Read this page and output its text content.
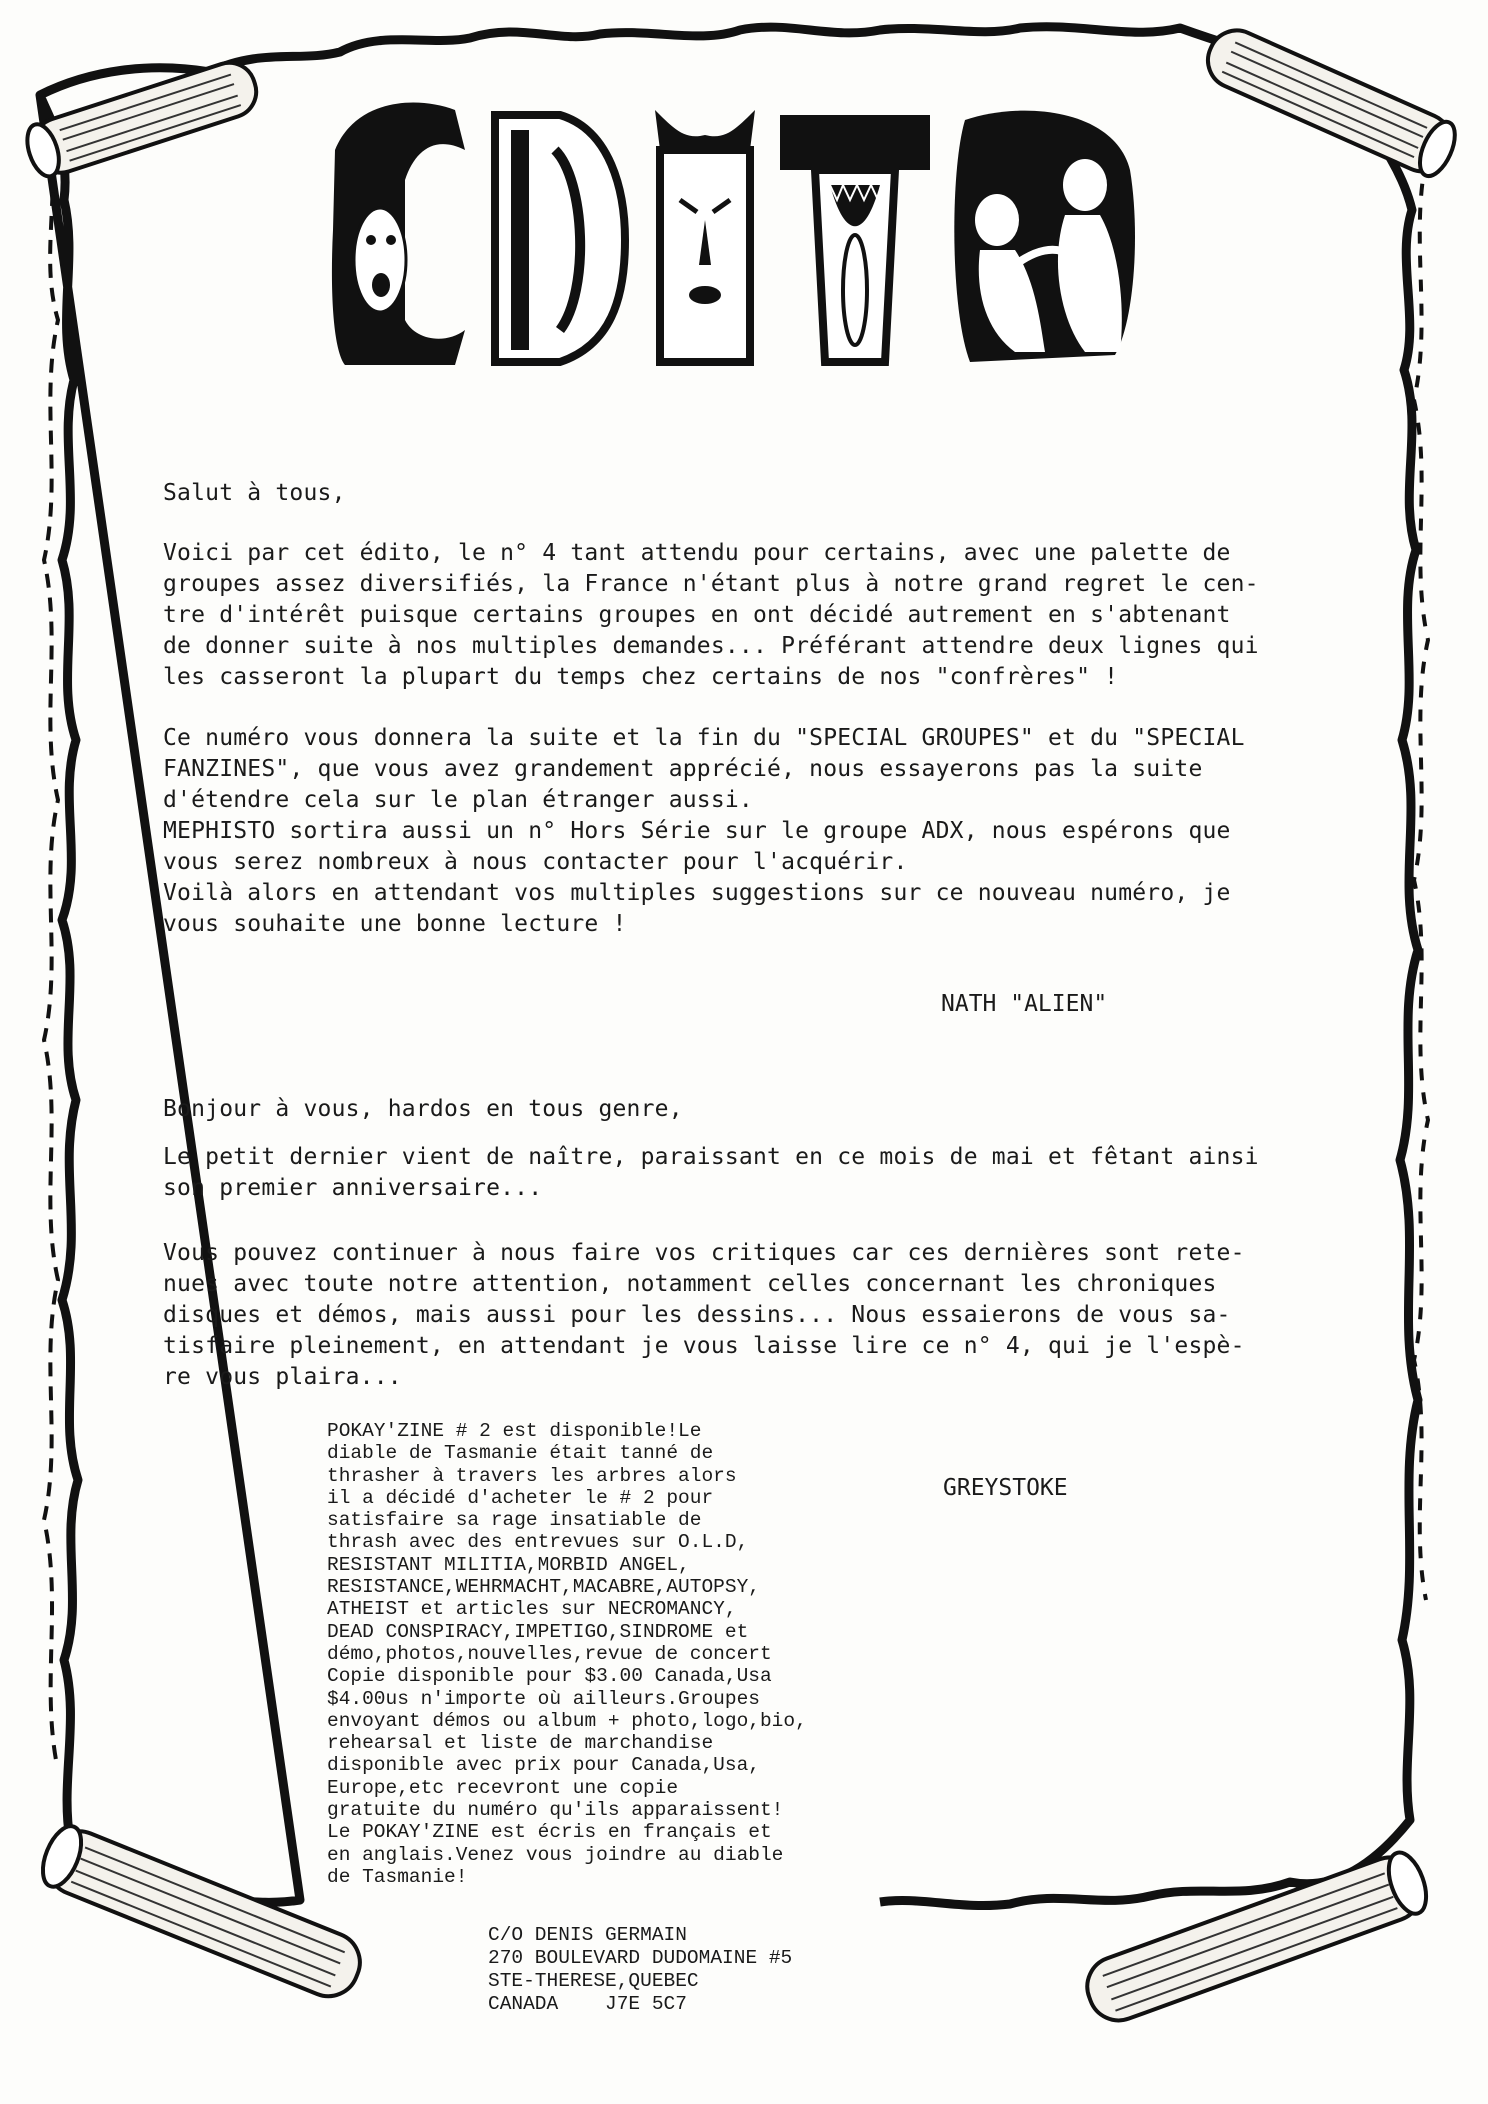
Salut à tous,
Voici par cet édito, le n° 4 tant attendu pour certains, avec une palette de
groupes assez diversifiés, la France n'étant plus à notre grand regret le cen-
tre d'intérêt puisque certains groupes en ont décidé autrement en s'abtenant
de donner suite à nos multiples demandes... Préférant attendre deux lignes qui
les casseront la plupart du temps chez certains de nos "confrères" !
Ce numéro vous donnera la suite et la fin du "SPECIAL GROUPES" et du "SPECIAL
FANZINES", que vous avez grandement apprécié, nous essayerons pas la suite
d'étendre cela sur le plan étranger aussi.
MEPHISTO sortira aussi un n° Hors Série sur le groupe ADX, nous espérons que
vous serez nombreux à nous contacter pour l'acquérir.
Voilà alors en attendant vos multiples suggestions sur ce nouveau numéro, je
vous souhaite une bonne lecture !
NATH "ALIEN"
Bonjour à vous, hardos en tous genre,
Le petit dernier vient de naître, paraissant en ce mois de mai et fêtant ainsi
son premier anniversaire...
Vous pouvez continuer à nous faire vos critiques car ces dernières sont rete-
nues avec toute notre attention, notamment celles concernant les chroniques
disques et démos, mais aussi pour les dessins... Nous essaierons de vous sa-
tisfaire pleinement, en attendant je vous laisse lire ce n° 4, qui je l'espè-
re vous plaira...
GREYSTOKE
POKAY'ZINE # 2 est disponible!Le
diable de Tasmanie était tanné de
thrasher à travers les arbres alors
il a décidé d'acheter le # 2 pour
satisfaire sa rage insatiable de
thrash avec des entrevues sur O.L.D,
RESISTANT MILITIA,MORBID ANGEL,
RESISTANCE,WEHRMACHT,MACABRE,AUTOPSY,
ATHEIST et articles sur NECROMANCY,
DEAD CONSPIRACY,IMPETIGO,SINDROME et
démo,photos,nouvelles,revue de concert
Copie disponible pour $3.00 Canada,Usa
$4.00us n'importe où ailleurs.Groupes
envoyant démos ou album + photo,logo,bio,
rehearsal et liste de marchandise
disponible avec prix pour Canada,Usa,
Europe,etc recevront une copie
gratuite du numéro qu'ils apparaissent!
Le POKAY'ZINE est écris en français et
en anglais.Venez vous joindre au diable
de Tasmanie!
C/O DENIS GERMAIN
270 BOULEVARD DUDOMAINE #5
STE-THERESE,QUEBEC
CANADA    J7E 5C7
